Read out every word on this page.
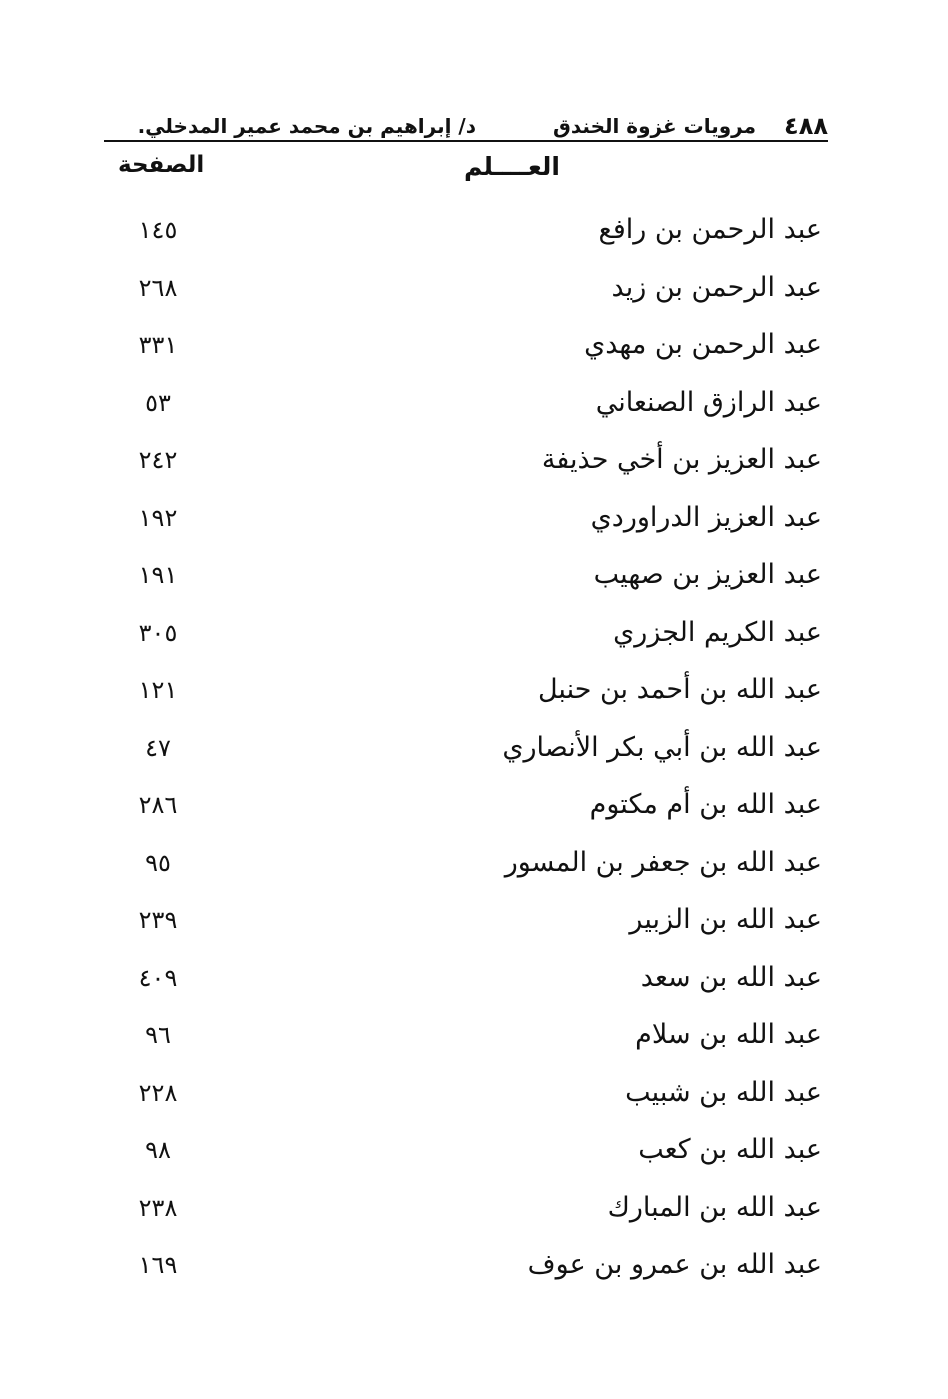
٤٨٨
مرويات غزوة الخندق
د/ إبراهيم بن محمد عمير المدخلي.
العــــلم
الصفحة
عبد الرحمن بن رافع
١٤٥
عبد الرحمن بن زيد
٢٦٨
عبد الرحمن بن مهدي
٣٣١
عبد الرازق الصنعاني
٥٣
عبد العزيز بن أخي حذيفة
٢٤٢
عبد العزيز الدراوردي
١٩٢
عبد العزيز بن صهيب
١٩١
عبد الكريم الجزري
٣٠٥
عبد الله بن أحمد بن حنبل
١٢١
عبد الله بن أبي بكر الأنصاري
٤٧
عبد الله بن أم مكتوم
٢٨٦
عبد الله بن جعفر بن المسور
٩٥
عبد الله بن الزبير
٢٣٩
عبد الله بن سعد
٤٠٩
عبد الله بن سلام
٩٦
عبد الله بن شبيب
٢٢٨
عبد الله بن كعب
٩٨
عبد الله بن المبارك
٢٣٨
عبد الله بن عمرو بن عوف
١٦٩
